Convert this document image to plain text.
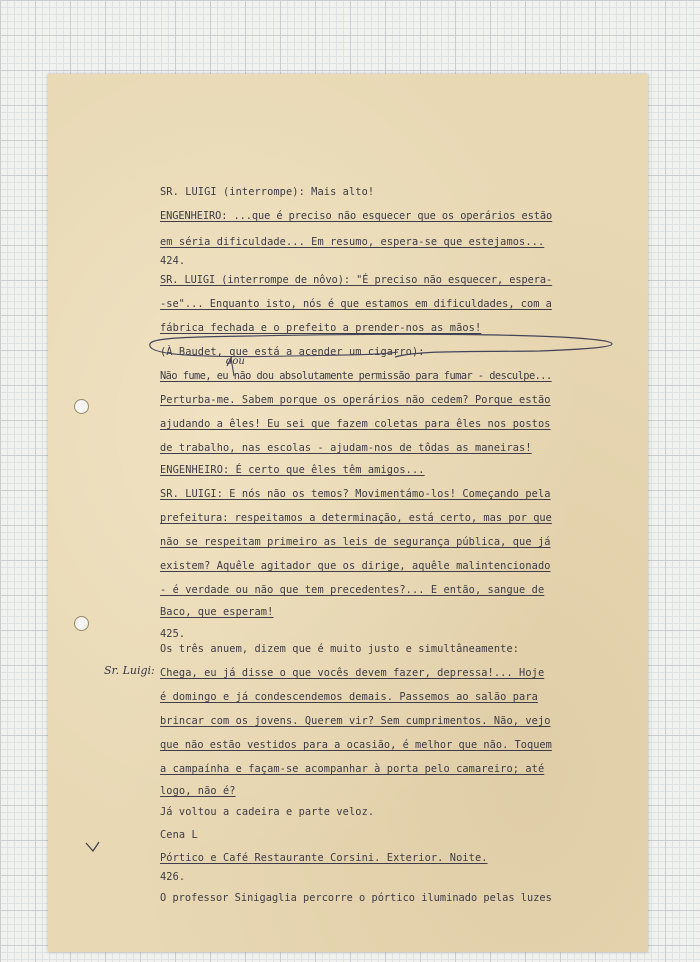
SR. LUIGI (interrompe): Mais alto!
ENGENHEIRO: ...que é preciso não esquecer que os operários estão
em séria dificuldade... Em resumo, espera-se que estejamos...
424.
SR. LUIGI (interrompe de nôvo): "É preciso não esquecer, espera-
-se"... Enquanto isto, nós é que estamos em dificuldades, com a
fábrica fechada e o prefeito a prender-nos as mãos!
(À Baudet, que está a acender um cigarro):
Não fume, eu não dou absolutamente permissão para fumar - desculpe...
Perturba-me. Sabem porque os operários não cedem? Porque estão
ajudando a êles! Eu sei que fazem coletas para êles nos postos
de trabalho, nas escolas - ajudam-nos de tôdas as maneiras!
ENGENHEIRO: É certo que êles têm amigos...
SR. LUIGI: E nós não os temos? Movimentámo-los! Começando pela
prefeitura: respeitamos a determinação, está certo, mas por que
não se respeitam primeiro as leis de segurança pública, que já
existem? Aquêle agitador que os dirige, aquêle malintencionado
- é verdade ou não que tem precedentes?... E então, sangue de
Baco, que esperam!
425.
Os três anuem, dizem que é muito justo e simultâneamente:
Chega, eu já disse o que vocês devem fazer, depressa!... Hoje
é domingo e já condescendemos demais. Passemos ao salão para
brincar com os jovens. Querem vir? Sem cumprimentos. Não, vejo
que não estão vestidos para a ocasião, é melhor que não. Toquem
a campaínha e façam-se acompanhar à porta pelo camareiro; até
logo, não é?
Já voltou a cadeira e parte veloz.
Cena L
Pórtico e Café Restaurante Corsini. Exterior. Noite.
426.
O professor Sinigaglia percorre o pórtico iluminado pelas luzes
dou
Sr. Luigi:
